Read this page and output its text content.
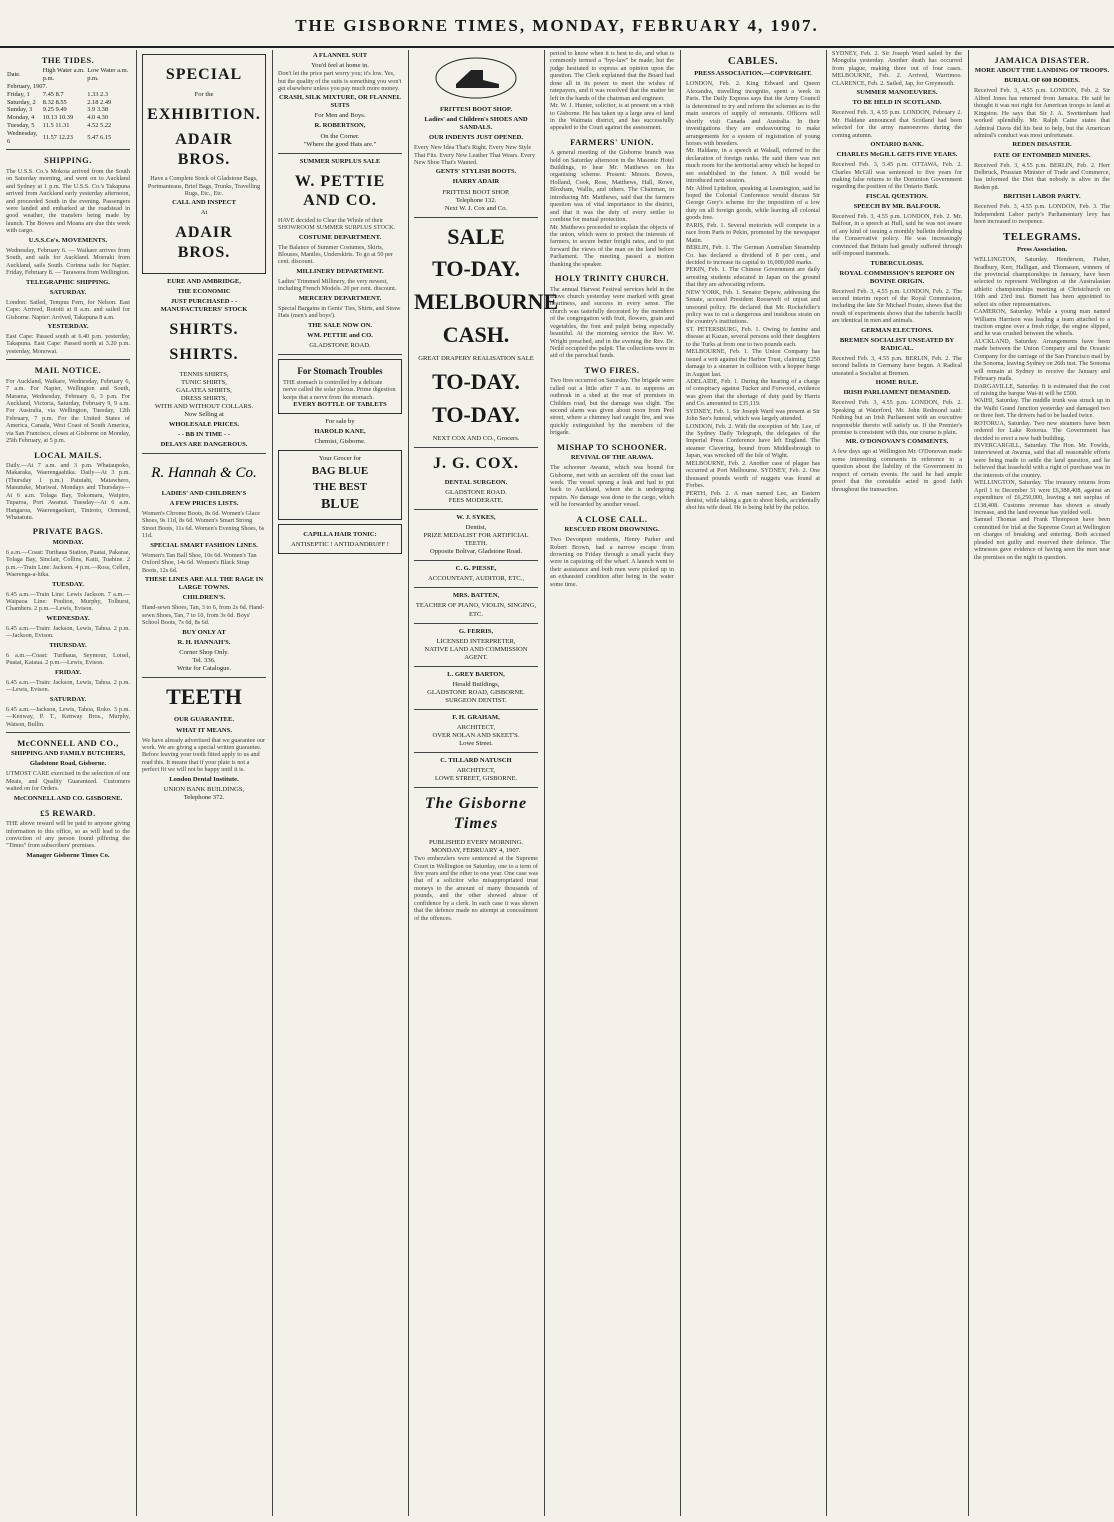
THE GISBORNE TIMES, MONDAY, FEBRUARY 4, 1907.
THE TIDES.
Date.	High Water a.m. p.m.	Low Water a.m. p.m.
February, 1907.		
Friday, 1	7.45 8.7	1.33 2.3
Saturday, 2	8.32 8.55	2.18 2.49
Sunday, 3	9.25 9.49	3.9 3.38
Monday, 4	10.13 10.39	4.0 4.30
Tuesday, 5	11.5 11.31	4.52 5.22
Wednesday, 6	11.57 12.23	5.47 6.15
SHIPPING.
The U.S.S. Co.'s Mokoia arrived from the South on Saturday morning, and went on to Auckland and Sydney at 1 p.m. The U.S.S. Co.'s Takapuna arrived from Auckland early yesterday afternoon, and proceeded South in the evening. Passengers were landed and embarked at the roadstead in good weather, the transfers being made by launch. The Bowes and Moana are due this week with cargo.
U.S.S.Co's. MOVEMENTS.
Wednesday, February 6. — Waikare arrives from South, and sails for Auckland. Moeraki from Auckland, sails South. Corinna sails for Napier. Friday, February 8. — Tarawera from Wellington.
TELEGRAPHIC SHIPPING.
SATURDAY.
London: Sailed, Tempus Fern, for Nelson. East Cape: Arrived, Rotoiti at 8 a.m. and sailed for Gisborne. Napier: Arrived, Takapuna 8 a.m.
YESTERDAY.
East Cape: Passed south at 6.40 p.m. yesterday, Takapuna. East Cape: Passed north at 3.20 p.m. yesterday, Monowai.
MAIL NOTICE.
For Auckland, Waikare, Wednesday, February 6, 7 a.m. For Napier, Wellington and South, Marama, Wednesday, February 6, 3 p.m. For Auckland, Victoria, Saturday, February 9, 9 a.m. For Australia, via Wellington, Tuesday, 12th February, 7 p.m. For the United States of America, Canada, West Coast of South America, via San Francisco, closes at Gisborne on Monday, 25th February, at 5 p.m.
LOCAL MAILS.
Daily.—At 7 a.m. and 3 p.m. Whataupoko, Makaraka, Waerengaahika. Daily—At 3 p.m. (Thursday 1 p.m.) Patutahi, Matawhero, Manutuke, Muriwai. Mondays and Thursdays—At 6 a.m. Tolaga Bay, Tokomaru, Waipiro, Tuparoa, Port Awanui. Tuesday—At 6 a.m. Hangaroa, Waerengaokuri, Tiniroto, Ormond, Whatatutu.
PRIVATE BAGS.
MONDAY.
6 a.m.—Coast: Turihaua Station, Puatai, Pakarae, Tolaga Bay, Sinclair, Collins, Kaiti, Tuahine. 2 p.m.—Train Line: Jackson. 4 p.m.—Ross, Cellen, Waerenga-a-hika.
TUESDAY.
6.45 a.m.—Train Line: Lewis Jackson. 7 a.m.—Waipaoa Line: Poulton, Murphy, Tolhurst, Chambers. 2 p.m.—Lewis, Evison.
WEDNESDAY.
6.45 a.m.—Train: Jackson, Lewis, Tahoa. 2 p.m.—Jackson, Evison.
THURSDAY.
6 a.m.—Coast: Turihaua, Seymour, Loisel, Puatai, Kaiaua. 2 p.m.—Lewis, Evison.
FRIDAY.
6.45 a.m.—Train: Jackson, Lewis, Tahoa. 2 p.m.—Lewis, Evison.
SATURDAY.
6.45 a.m.—Jackson, Lewis, Tahoa, Roko. 3 p.m.—Kenway, P. T., Kenway Bros., Murphy, Watson, Bullin.
McCONNELL AND CO.,
SHIPPING AND FAMILY BUTCHERS,
Gladstone Road, Gisborne.
UTMOST CARE exercised in the selection of our Meats, and Quality Guaranteed. Customers waited on for Orders.
McCONNELL AND CO. GISBORNE.
£5 REWARD.
THE above reward will be paid to anyone giving information to this office, so as will lead to the conviction of any person found pilfering the "Times" from subscribers' premises.
Manager Gisborne Times Co.
SPECIAL
For the
EXHIBITION.
ADAIR BROS.
Have a Complete Stock of Gladstone Bags, Portmanteaus, Brief Bags, Trunks, Travelling Rugs, Etc., Etc.
CALL AND INSPECT
At
ADAIR BROS.
EURE AND AMBRIDGE,
THE ECONOMIC
JUST PURCHASED - - MANUFACTURERS' STOCK
SHIRTS.
SHIRTS.
TENNIS SHIRTS,
TUNIC SHIRTS,
GALATEA SHIRTS,
DRESS SHIRTS,
WITH AND WITHOUT COLLARS.
Now Selling at
WHOLESALE PRICES.
- - BB IN TIME - -
DELAYS ARE DANGEROUS.
R. Hannah & Co.
LADIES' AND CHILDREN'S
A FEW PRICES LISTS.
Women's Chrome Boots, 8s 6d. Women's Glace Shoes, 9s 11d, 8s 6d. Women's Smart Strong Street Boots, 11s 6d. Women's Evening Shoes, 6s 11d.
SPECIAL SMART FASHION LINES.
Women's Tan Ball Shoe, 10s 6d. Women's Tan Oxford Shoe, 14s 6d. Women's Black Strap Boots, 12s 6d.
THESE LINES ARE ALL THE RAGE IN LARGE TOWNS.
CHILDREN'S.
Hand-sewn Shoes, Tan, 3 to 6, from 2s 6d. Hand-sewn Shoes, Tan, 7 to 10, from 3s 6d. Boys' School Boots, 7s 6d, 8s 6d.
BUY ONLY AT
R. H. HANNAH'S.
Corner Shop Only.
Tel. 336.
Write for Catalogue.
TEETH
OUR GUARANTEE.
WHAT IT MEANS.
We have already advertised that we guarantee our work. We are giving a special written guarantee. Before leaving your tooth fitted apply to us and read this. It means that if your plate is not a perfect fit we will not be happy until it is.
London Dental Institute.
UNION BANK BUILDINGS,
Telephone 372.
A FLANNEL SUIT
You'd feel at home in.
Don't let the price part worry you; it's low. Yes, but the quality of the suits is something you won't get elsewhere unless you pay much more money.
CRASH, SILK MIXTURE, OR FLANNEL SUITS
For Men and Boys.
R. ROBERTSON,
On the Corner.
"Where the good Hats are."
SUMMER SURPLUS SALE
W. PETTIE AND CO.
HAVE decided to Clear the Whole of their SHOWROOM SUMMER SURPLUS STOCK.
COSTUME DEPARTMENT.
The Balance of Summer Costumes, Skirts, Blouses, Mantles, Underskirts. To go at 50 per cent. discount.
MILLINERY DEPARTMENT.
Ladies' Trimmed Millinery, the very newest, including French Models. 20 per cent. discount.
MERCERY DEPARTMENT.
Special Bargains in Gents' Ties, Shirts, and Straw Hats (men's and boys').
THE SALE NOW ON.
WM. PETTIE and CO.
GLADSTONE ROAD.
For Stomach Troubles
THE stomach is controlled by a delicate nerve called the solar plexus. Prime digestion keeps that a nerve from the stomach.
EVERY BOTTLE OF TABLETS
For sale by
HAROLD KANE,
Chemist, Gisborne.
Your Grocer for
BAG BLUE
THE BEST
BLUE
CAPILLA HAIR TONIC:
ANTISEPTIC ! ANTIDANDRUFF !
FRITTESI BOOT SHOP.
Ladies' and Children's SHOES AND SANDALS.
OUR INDENTS JUST OPENED.
Every New Idea That's Right. Every New Style That Fits. Every New Leather That Wears. Every New Shoe That's Wanted.
GENTS' STYLISH BOOTS.
HARRY ADAIR
FRITTESI BOOT SHOP.
Telephone 132.
Next W. J. Cox and Co.
SALE
TO-DAY.
MELBOURNE
CASH.
GREAT DRAPERY REALISATION SALE
TO-DAY.
TO-DAY.
NEXT COX AND CO., Grocers.
J. G. COX.
DENTAL SURGEON.
GLADSTONE ROAD.
FEES MODERATE.
W. J. SYKES,
Dentist,
PRIZE MEDALIST FOR ARTIFICIAL TEETH.
Opposite Bolivar, Gladstone Road.
C. G. PIESSE,
ACCOUNTANT, AUDITOR, ETC.,
MRS. BATTEN,
TEACHER OF PIANO, VIOLIN, SINGING, ETC.
G. FERRIS,
LICENSED INTERPRETER,
NATIVE LAND AND COMMISSION AGENT.
L. GREY BARTON,
Herald Buildings,
GLADSTONE ROAD, GISBORNE.
SURGEON DENTIST.
F. H. GRAHAM,
ARCHITECT,
OVER NOLAN AND SKEET'S.
Lowe Street.
C. TILLARD NATUSCH
ARCHITECT,
LOWE STREET, GISBORNE.
The Gisborne Times
PUBLISHED EVERY MORNING.
MONDAY, FEBRUARY 4, 1907.
Two embezzlers were sentenced at the Supreme Court in Wellington on Saturday, one to a term of five years and the other to one year. One case was that of a solicitor who misappropriated trust moneys to the amount of many thousands of pounds, and the other showed abuse of confidence by a clerk. In each case it was shown that the defence made no attempt at concealment of the offences.
period to know when it is best to do, and what is commonly termed a "bye-law" be made; but the judge hesitated to express an opinion upon the question. The Clerk explained that the Board had done all in its power to meet the wishes of ratepayers, and it was resolved that the matter be left in the hands of the chairman and engineer.
Mr. W. J. Hunter, solicitor, is at present on a visit to Gisborne. He has taken up a large area of land in the Waimata district, and has successfully appealed to the Court against the assessment.
FARMERS' UNION.
A general meeting of the Gisborne branch was held on Saturday afternoon in the Masonic Hotel Buildings, to hear Mr. Matthews on his organising scheme. Present: Messrs. Bowes, Holland, Cook, Ross, Matthews, Hall, Rowe, Bloxham, Wallis, and others. The Chairman, in introducing Mr. Matthews, said that the farmers question was of vital importance to the district, and that it was the duty of every settler to combine for mutual protection.
Mr. Matthews proceeded to explain the objects of the union, which were to protect the interests of farmers, to secure better freight rates, and to put forward the views of the man on the land before Parliament. The meeting passed a motion thanking the speaker.
HOLY TRINITY CHURCH.
The annual Harvest Festival services held in the above church yesterday were marked with great heartiness, and success in every sense. The church was tastefully decorated by the members of the congregation with fruit, flowers, grain and vegetables, the font and pulpit being especially beautiful. At the morning service the Rev. W. Wright preached, and in the evening the Rev. Dr. Neild occupied the pulpit. The collections were in aid of the parochial funds.
TWO FIRES.
Two fires occurred on Saturday. The brigade were called out a little after 7 a.m. to suppress an outbreak in a shed at the rear of premises in Childers road, but the damage was slight. The second alarm was given about noon from Peel street, where a chimney had caught fire, and was quickly extinguished by the members of the brigade.
MISHAP TO SCHOONER.
REVIVAL OF THE ARAWA.
The schooner Awanui, which was bound for Gisborne, met with an accident off the coast last week. The vessel sprang a leak and had to put back to Auckland, where she is undergoing repairs. No damage was done to the cargo, which will be forwarded by another vessel.
A CLOSE CALL.
RESCUED FROM DROWNING.
Two Devonport residents, Henry Parker and Robert Brown, had a narrow escape from drowning on Friday through a small yacht they were in capsizing off the wharf. A launch went to their assistance and both men were picked up in an exhausted condition after being in the water some time.
CABLES.
PRESS ASSOCIATION.—COPYRIGHT.
LONDON, Feb. 2. King Edward and Queen Alexandra, travelling incognito, spent a week in Paris. The Daily Express says that the Army Council is determined to try and reform the schemes as to the main sources of supply of remounts. Officers will shortly visit Canada and Australia. In their investigations they are endeavouring to make arrangements for a system of registration of young horses with breeders.
Mr. Haldane, in a speech at Walsall, referred to the declaration of foreign ranks. He said there was not much room for the territorial army which he hoped to see established in the future. A Bill would be introduced next session.
Mr. Alfred Lyttelton, speaking at Leamington, said he hoped the Colonial Conference would discuss Sir George Grey's scheme for the imposition of a low duty on all foreign goods, while leaving all colonial goods free.
PARIS, Feb. 1. Several motorists will compete in a race from Paris to Pekin, promoted by the newspaper Matin.
BERLIN, Feb. 1. The German Australian Steamship Co. has declared a dividend of 8 per cent., and decided to increase its capital to 16,000,000 marks.
PEKIN, Feb. 1. The Chinese Government are daily arresting students educated in Japan on the ground that they are advocating reform.
NEW YORK, Feb. 1. Senator Depew, addressing the Senate, accused President Roosevelt of unjust and unsound policy. He declared that Mr. Rockefeller's policy was to cut a dangerous and insidious strain on the country's institutions.
ST. PETERSBURG, Feb. 1. Owing to famine and disease at Kazan, several persons sold their daughters to the Turks at from one to two pounds each.
MELBOURNE, Feb. 1. The Union Company has issued a writ against the Harbor Trust, claiming £250 damage to a steamer in collision with a hopper barge in August last.
ADELAIDE, Feb. 1. During the hearing of a charge of conspiracy against Tucker and Forwood, evidence was given that the shortage of duty paid by Harris and Co. amounted to £35,119.
SYDNEY, Feb. 1. Sir Joseph Ward was present at Sir John See's funeral, which was largely attended.
LONDON, Feb. 2. With the exception of Mr. Lee, of the Sydney Daily Telegraph, the delegates of the Imperial Press Conference have left England. The steamer Clavering, bound from Middlesbrough to Japan, was wrecked off the Isle of Wight.
MELBOURNE, Feb. 2. Another case of plague has occurred at Port Melbourne. SYDNEY, Feb. 2. One thousand pounds worth of nuggets was found at Forbes.
PERTH, Feb. 2. A man named Lee, an Eastern dentist, while taking a gun to shoot birds, accidentally shot his wife dead. He is being held by the police.
SYDNEY, Feb. 2. Sir Joseph Ward sailed by the Mongolia yesterday. Another death has occurred from plague, making three out of four cases. MELBOURNE, Feb. 2. Arrived, Warrimoo. CLARENCE, Feb. 2. Sailed, Jap, for Greymouth.
SUMMER MANOEUVRES.
TO BE HELD IN SCOTLAND.
Received Feb. 3, 4.55 p.m. LONDON, February 2. Mr. Haldane announced that Scotland had been selected for the army manoeuvres during the coming autumn.
ONTARIO BANK.
CHARLES McGILL GETS FIVE YEARS.
Received Feb. 3, 5.45 p.m. OTTAWA, Feb. 2. Charles McGill was sentenced to five years for making false returns to the Dominion Government regarding the position of the Ontario Bank.
FISCAL QUESTION.
SPEECH BY MR. BALFOUR.
Received Feb. 3, 4.55 p.m. LONDON, Feb. 2. Mr. Balfour, in a speech at Hull, said he was not aware of any kind of issuing a monthly bulletin defending the Conservative policy. He was increasingly convinced that Britain had greatly suffered through self-imposed trammels.
TUBERCULOSIS.
ROYAL COMMISSION'S REPORT ON BOVINE ORIGIN.
Received Feb. 3, 4.55 p.m. LONDON, Feb. 2. The second interim report of the Royal Commission, including the late Sir Michael Foster, shows that the result of experiments shows that the tubercle bacilli are identical in men and animals.
GERMAN ELECTIONS.
BREMEN SOCIALIST UNSEATED BY RADICAL.
Received Feb. 3, 4.55 p.m. BERLIN, Feb. 2. The second ballots in Germany have begun. A Radical unseated a Socialist at Bremen.
HOME RULE.
IRISH PARLIAMENT DEMANDED.
Received Feb. 3, 4.55 p.m. LONDON, Feb. 2. Speaking at Waterford, Mr. John Redmond said: Nothing but an Irish Parliament with an executive responsible thereto will satisfy us. If the Premier's promise is consistent with this, our course is plain.
MR. O'DONOVAN'S COMMENTS.
A few days ago at Wellington Mr. O'Donovan made some interesting comments in reference to a question about the liability of the Government in respect of certain events. He said he had ample proof that the constable acted in good faith throughout the transaction.
JAMAICA DISASTER.
MORE ABOUT THE LANDING OF TROOPS.
BURIAL OF 600 BODIES.
Received Feb. 3, 4.55 p.m. LONDON, Feb. 2. Sir Alfred Jones has returned from Jamaica. He said he thought it was not right for American troops to land at Kingston. He says that Sir J. A. Swettenham had worked splendidly. Mr. Ralph Caine states that Admiral Davis did his best to help, but the American admiral's conduct was most unfortunate.
REDEN DISASTER.
FATE OF ENTOMBED MINERS.
Received Feb. 3, 4.55 p.m. BERLIN, Feb. 2. Herr Delbruck, Prussian Minister of Trade and Commerce, has informed the Diet that nobody is alive in the Reden pit.
BRITISH LABOR PARTY.
Received Feb. 3, 4.55 p.m. LONDON, Feb. 3. The Independent Labor party's Parliamentary levy has been increased to twopence.
TELEGRAMS.
Press Association.
WELLINGTON, Saturday. Henderson, Fisher, Bradbury, Kerr, Halligan, and Thomasen, winners of the provincial championships in January, have been selected to represent Wellington at the Australasian athletic championships meeting at Christchurch on 16th and 23rd inst. Burnett has been appointed to select six other representatives.
CAMERON, Saturday. While a young man named Williams Harrison was leading a team attached to a traction engine over a fresh ridge, the engine slipped, and he was crushed between the wheels.
AUCKLAND, Saturday. Arrangements have been made between the Union Company and the Oceanic Company for the carriage of the San Francisco mail by the Sonoma, leaving Sydney on 26th inst. The Sonoma will remain at Sydney to receive the January and February mails.
DARGAVILLE, Saturday. It is estimated that the cost of raising the barque Wai-iti will be £500.
WAIHI, Saturday. The middle trunk was struck up in the Waihi Grand Junction yesterday and damaged two or three feet. The drivers had to be hauled twice.
ROTORUA, Saturday. Two new steamers have been ordered for Lake Rotorua. The Government has decided to erect a new bath building.
INVERCARGILL, Saturday. The Hon. Mr. Fowlds, interviewed at Awarua, said that all reasonable efforts were being made to settle the land question, and he believed that leasehold with a right of purchase was in the interests of the country.
WELLINGTON, Saturday. The treasury returns from April 1 to December 31 were £6,388,408, against an expenditure of £6,250,000, leaving a net surplus of £138,408. Customs revenue has shown a steady increase, and the land revenue has yielded well.
Samuel Thomas and Frank Thompson have been committed for trial at the Supreme Court at Wellington on charges of breaking and entering. Both accused pleaded not guilty and reserved their defence. The witnesses gave evidence of having seen the men near the premises on the night in question.
